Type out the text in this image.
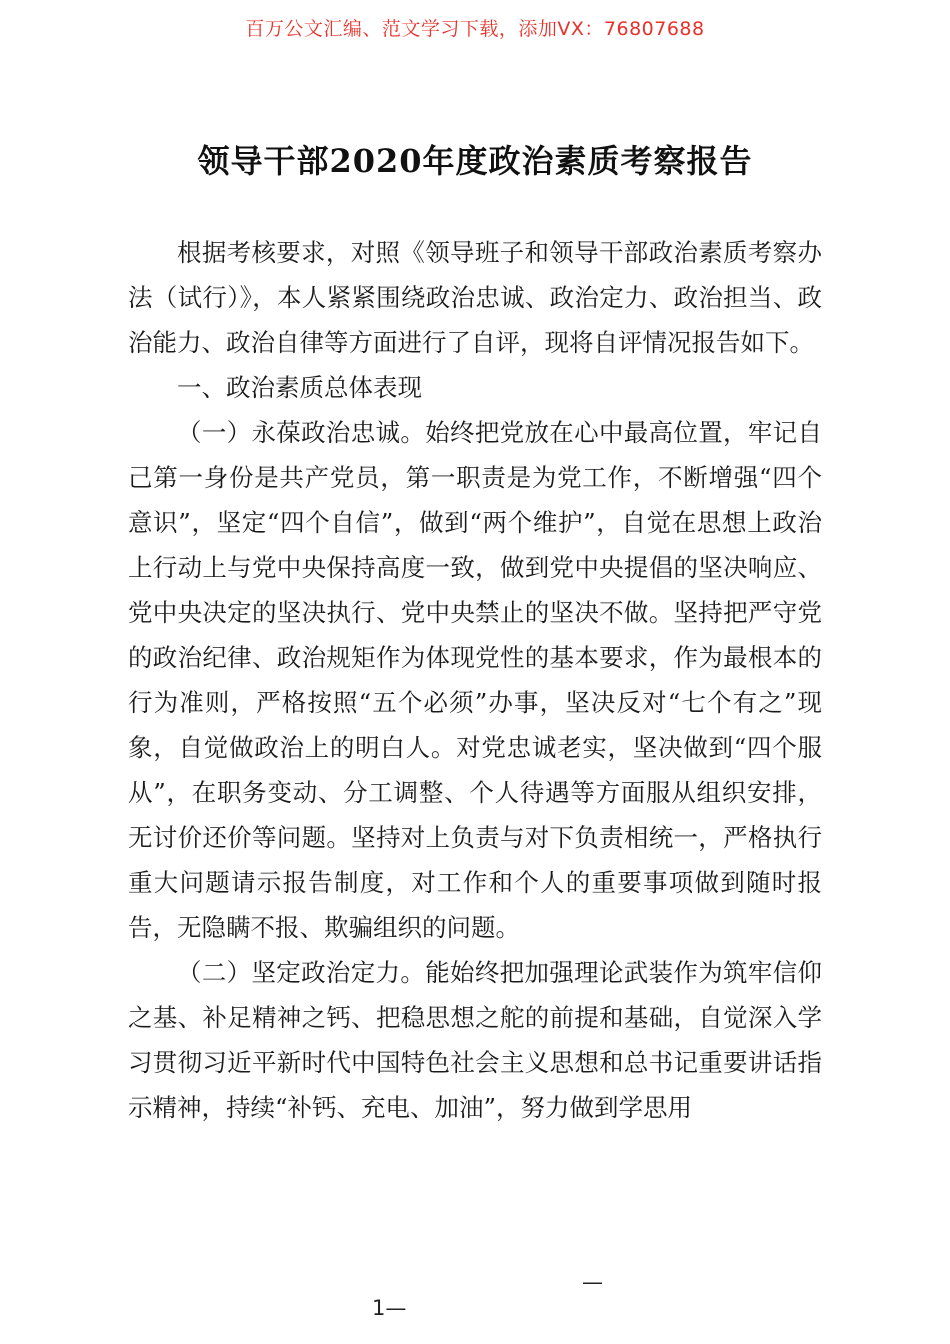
百万公文汇编、范文学习下载，添加VX：76807688
领导干部2020年度政治素质考察报告

根据考核要求，对照《领导班子和领导干部政治素质考察办法（试行）》，本人紧紧围绕政治忠诚、政治定力、政治担当、政治能力、政治自律等方面进行了自评，现将自评情况报告如下。

一、政治素质总体表现

（一）永葆政治忠诚。始终把党放在心中最高位置，牢记自己第一身份是共产党员，第一职责是为党工作，不断增强“四个意识”，坚定“四个自信”，做到“两个维护”，自觉在思想上政治上行动上与党中央保持高度一致，做到党中央提倡的坚决响应、党中央决定的坚决执行、党中央禁止的坚决不做。坚持把严守党的政治纪律、政治规矩作为体现党性的基本要求，作为最根本的行为准则，严格按照“五个必须”办事，坚决反对“七个有之”现象，自觉做政治上的明白人。对党忠诚老实，坚决做到“四个服从”，在职务变动、分工调整、个人待遇等方面服从组织安排，无讨价还价等问题。坚持对上负责与对下负责相统一，严格执行重大问题请示报告制度，对工作和个人的重要事项做到随时报告，无隐瞒不报、欺骗组织的问题。

（二）坚定政治定力。能始终把加强理论武装作为筑牢信仰之基、补足精神之钙、把稳思想之舵的前提和基础，自觉深入学习贯彻习近平新时代中国特色社会主义思想和总书记重要讲话指示精神，持续“补钙、充电、加油”，努力做到学思用

—
1—
